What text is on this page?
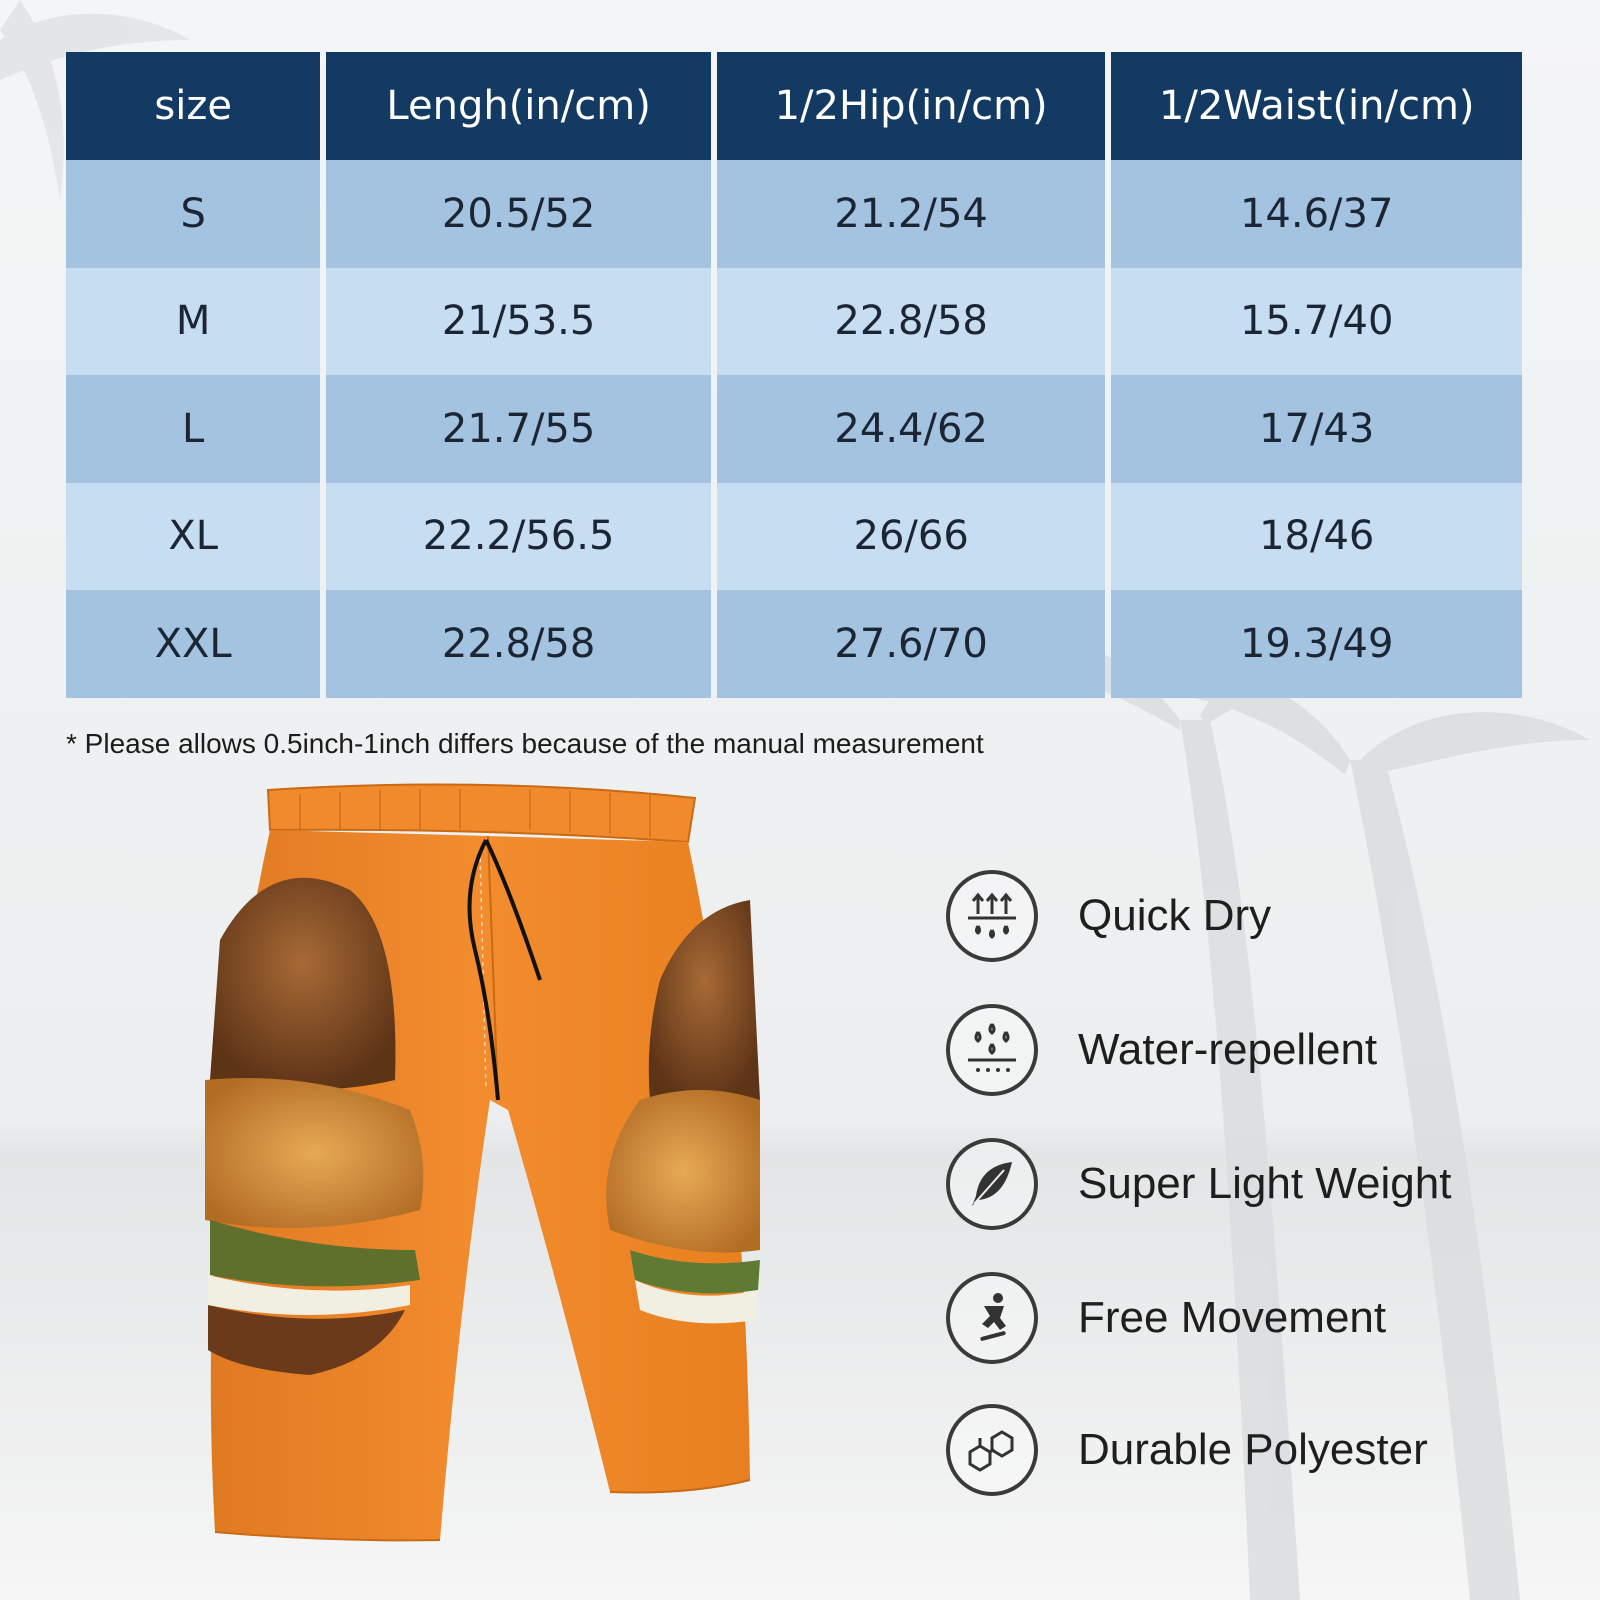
size	Lengh(in/cm)	1/2Hip(in/cm)	1/2Waist(in/cm)
S	20.5/52	21.2/54	14.6/37
M	21/53.5	22.8/58	15.7/40
L	21.7/55	24.4/62	17/43
XL	22.2/56.5	26/66	18/46
XXL	22.8/58	27.6/70	19.3/49
* Please allows 0.5inch-1inch differs because of the manual measurement
Quick Dry
Water-repellent
Super Light Weight
Free Movement
Durable Polyester
